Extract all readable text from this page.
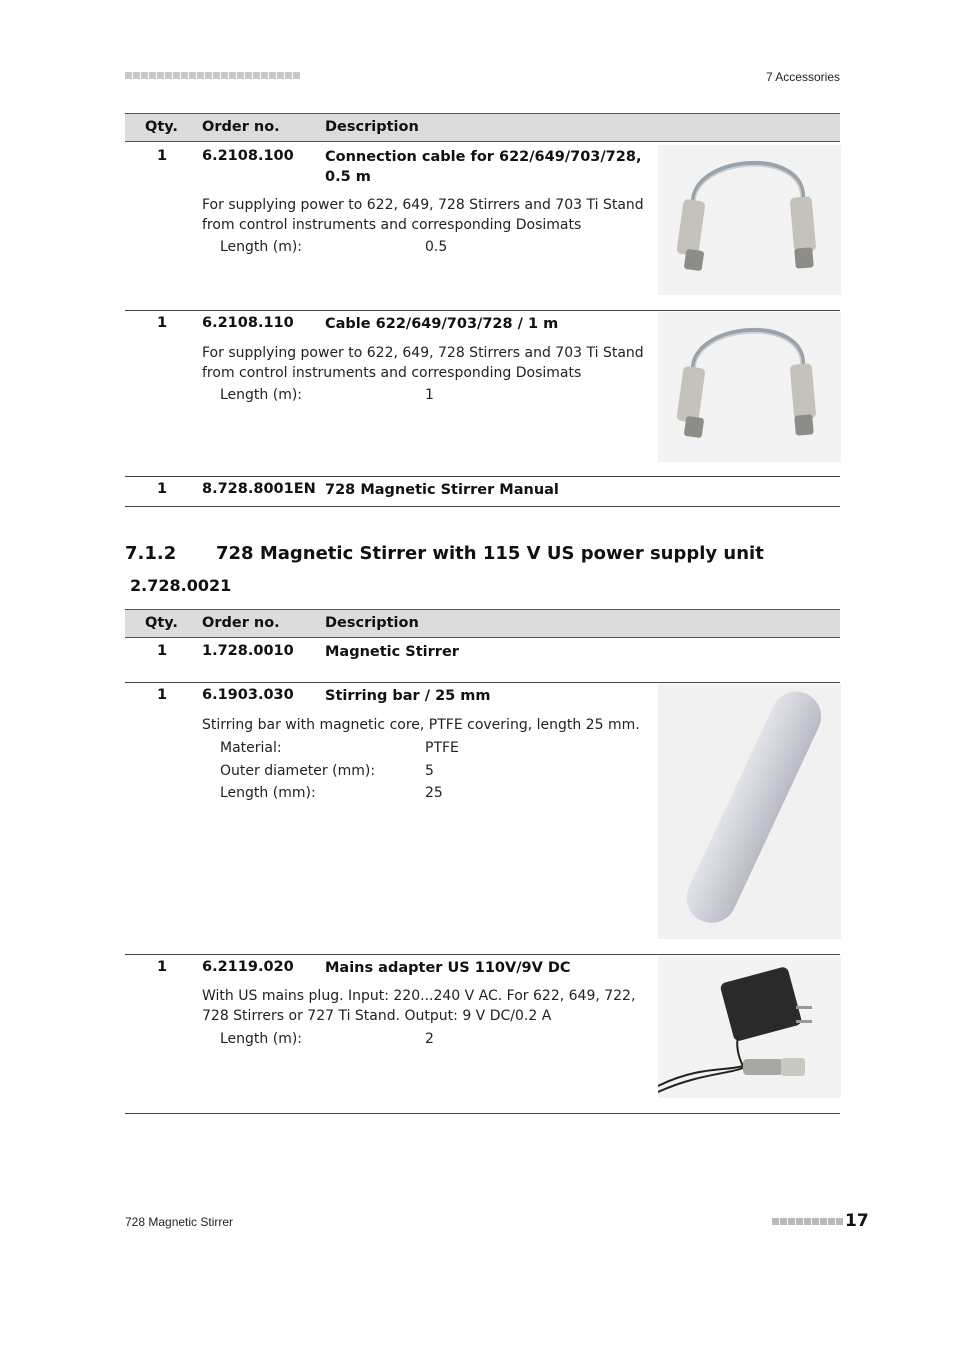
7 Accessories
Qty. Order no.	Description
1 6.2108.100 Connection cable for 622/649/703/728, 0.5 m
For supplying power to 622, 649, 728 Stirrers and 703 Ti Stand from control instruments and corresponding Dosimats
Length (m):	0.5
1 6.2108.110 Cable 622/649/703/728 / 1 m
For supplying power to 622, 649, 728 Stirrers and 703 Ti Stand from control instruments and corresponding Dosimats
Length (m):	1
1 8.728.8001EN 728 Magnetic Stirrer Manual
7.1.2 728 Magnetic Stirrer with 115 V US power supply unit
2.728.0021
Qty. Order no.	Description
1 1.728.0010 Magnetic Stirrer
1 6.1903.030 Stirring bar / 25 mm
Stirring bar with magnetic core, PTFE covering, length 25 mm.
Material:	PTFE
Outer diameter (mm):	5
Length (mm):	25
1 6.2119.020 Mains adapter US 110V/9V DC
With US mains plug. Input: 220...240 V AC. For 622, 649, 722, 728 Stirrers or 727 Ti Stand. Output: 9 V DC/0.2 A
Length (m):	2
728 Magnetic Stirrer	17
